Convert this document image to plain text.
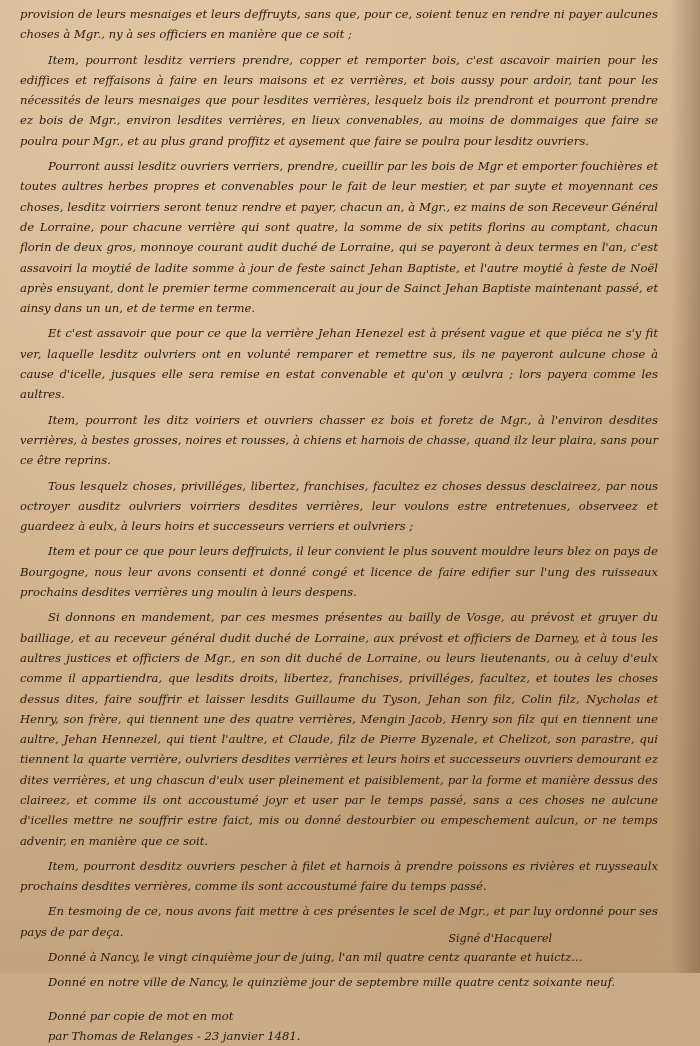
provision de leurs mesnaiges et leurs deffruyts, sans que, pour ce, soient tenuz en rendre ni payer aulcunes choses à Mgr., ny à ses officiers en manière que ce soit ;

Item, pourront lesditz verriers prendre, copper et remporter bois, c'est ascavoir mairien pour les ediffices et reffaisons à faire en leurs maisons et ez verrières, et bois aussy pour ardoir, tant pour les nécessités de leurs mesnaiges que pour lesdites verrières, lesquelz bois ilz prendront et pourront prendre ez bois de Mgr., environ lesdites verrières, en lieux convenables, au moins de dommaiges que faire se poulra pour Mgr., et au plus grand proffitz et aysement que faire se poulra pour lesditz ouvriers.

Pourront aussi lesditz ouvriers verriers, prendre, cueillir par les bois de Mgr et emporter fouchières et toutes aultres herbes propres et convenables pour le fait de leur mestier, et par suyte et moyennant ces choses, lesditz voirriers seront tenuz rendre et payer, chacun an, à Mgr., ez mains de son Receveur Général de Lorraine, pour chacune verrière qui sont quatre, la somme de six petits florins au comptant, chacun florin de deux gros, monnoye courant audit duché de Lorraine, qui se payeront à deux termes en l'an, c'est assavoiri la moytié de ladite somme à jour de feste sainct Jehan Baptiste, et l'autre moytié à feste de Noël après ensuyant, dont le premier terme commencerait au jour de Sainct Jehan Baptiste maintenant passé, et ainsy dans un un, et de terme en terme.

Et c'est assavoir que pour ce que la verrière Jehan Henezel est à présent vague et que piéca ne s'y fit ver, laquelle lesditz oulvriers ont en volunté remparer et remettre sus, ils ne payeront aulcune chose à cause d'icelle, jusques elle sera remise en estat convenable et qu'on y œulvra ; lors payera comme les aultres.

Item, pourront les ditz voiriers et ouvriers chasser ez bois et foretz de Mgr., à l'environ desdites verrières, à bestes grosses, noires et rousses, à chiens et harnois de chasse, quand ilz leur plaira, sans pour ce être reprins.

Tous lesquelz choses, privilléges, libertez, franchises, facultez ez choses dessus desclaireez, par nous octroyer ausditz oulvriers voirriers desdites verrières, leur voulons estre entretenues, observeez et guardeez à eulx, à leurs hoirs et successeurs verriers et oulvriers ;

Item et pour ce que pour leurs deffruicts, il leur convient le plus souvent mouldre leurs blez on pays de Bourgogne, nous leur avons consenti et donné congé et licence de faire edifier sur l'ung des ruisseaux prochains desdites verrières ung moulin à leurs despens.

Si donnons en mandement, par ces mesmes présentes au bailly de Vosge, au prévost et gruyer du bailliage, et au receveur général dudit duché de Lorraine, aux prévost et officiers de Darney, et à tous les aultres justices et officiers de Mgr., en son dit duché de Lorraine, ou leurs lieutenants, ou à celuy d'eulx comme il appartiendra, que lesdits droits, libertez, franchises, privilléges, facultez, et toutes les choses dessus dites, faire souffrir et laisser lesdits Guillaume du Tyson, Jehan son filz, Colin filz, Nycholas et Henry, son frère, qui tiennent une des quatre verrières, Mengin Jacob, Henry son filz qui en tiennent une aultre, Jehan Hennezel, qui tient l'aultre, et Claude, filz de Pierre Byzenale, et Chelizot, son parastre, qui tiennent la quarte verrière, oulvriers desdites verrières et leurs hoirs et successeurs ouvriers demourant ez dites verrières, et ung chascun d'eulx user pleinement et paisiblement, par la forme et manière dessus des claireez, et comme ils ont accoustumé joyr et user par le temps passé, sans a ces choses ne aulcune d'icelles mettre ne souffrir estre faict, mis ou donné destourbier ou empeschement aulcun, or ne temps advenir, en manière que ce soit.

Item, pourront desditz ouvriers pescher à filet et harnois à prendre poissons es rivières et ruysseaulx prochains desdites verrières, comme ils sont accoustumé faire du temps passé.

En tesmoing de ce, nous avons fait mettre à ces présentes le scel de Mgr., et par luy ordonné pour ses pays de par deça.

Donné à Nancy, le vingt cinquième jour de juing, l'an mil quatre centz quarante et huictz...

Donné en notre ville de Nancy, le quinzième jour de septembre mille quatre centz soixante neuf.

Donné par copie de mot en mot
par Thomas de Relanges - 23 janvier 1481.
Signé d'Hacquerel
